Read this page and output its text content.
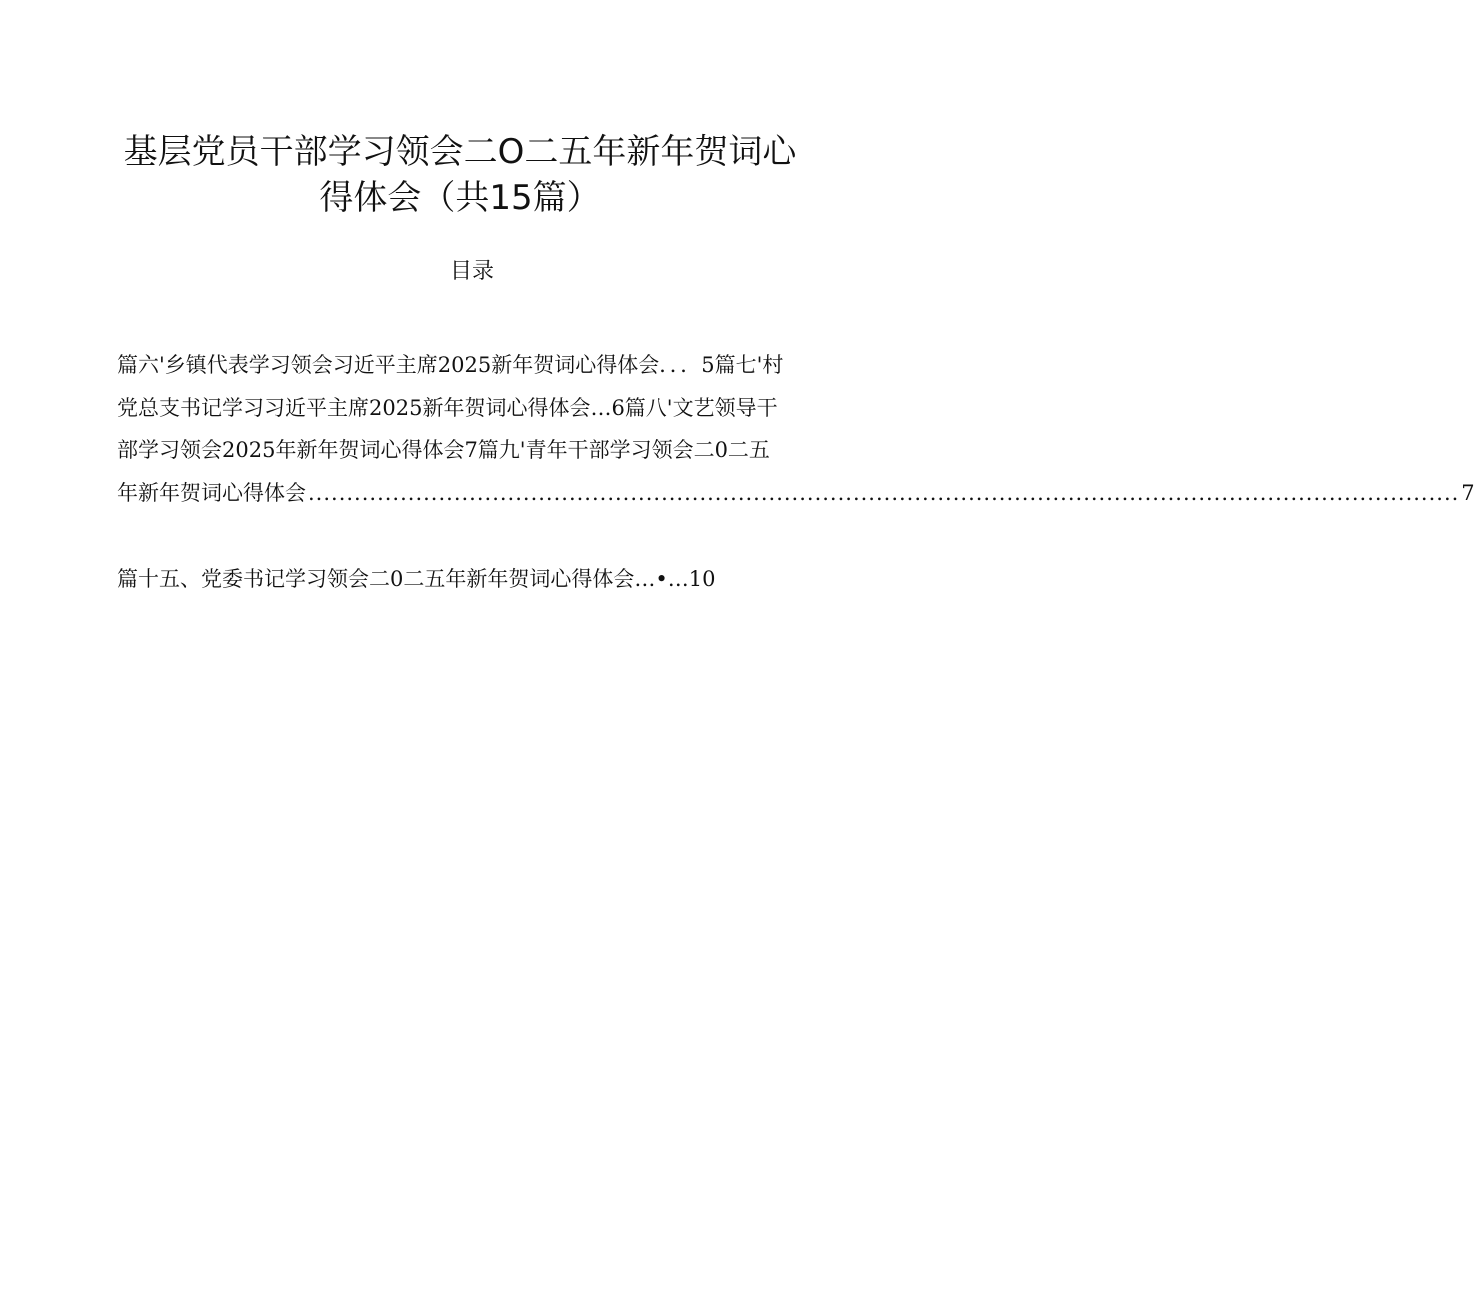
基层党员干部学习领会二O二五年新年贺词心
得体会（共15篇）
目录
篇六'乡镇代表学习领会习近平主席2025新年贺词心得体会．．．5篇七'村
党总支书记学习习近平主席2025新年贺词心得体会…6篇八'文艺领导干
部学习领会2025年新年贺词心得体会7篇九'青年干部学习领会二0二五
年新年贺词心得体会 ...................................................................................................................................................... 7
篇十五、党委书记学习领会二0二五年新年贺词心得体会…•…10
